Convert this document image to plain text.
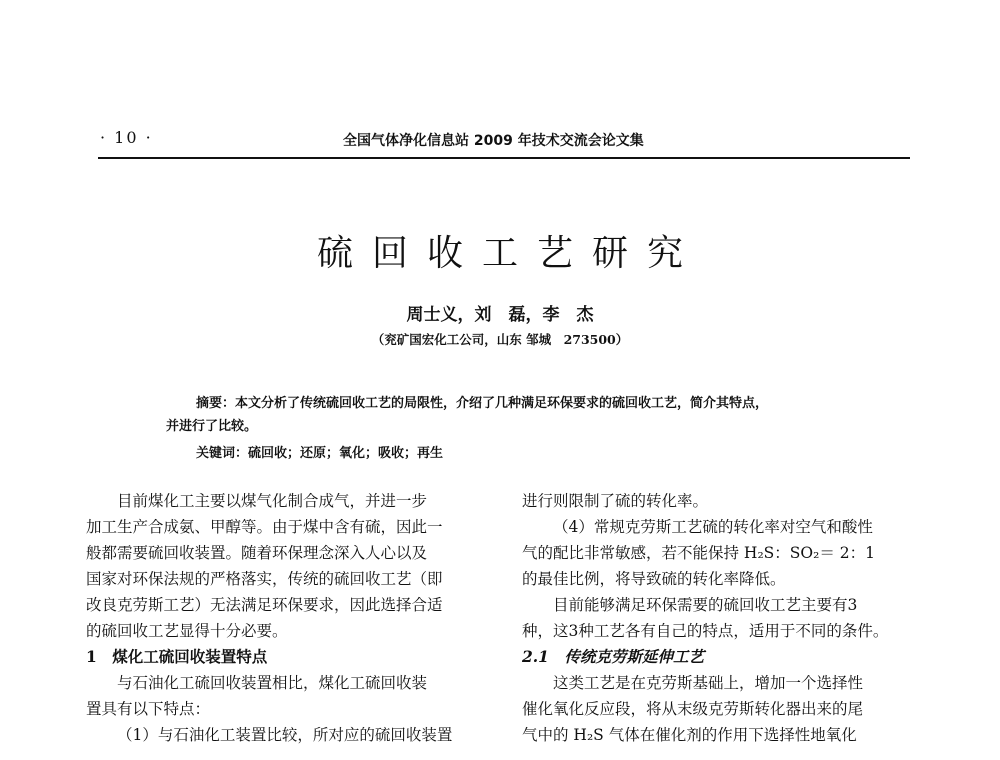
· 10 ·	全国气体净化信息站 2009 年技术交流会论文集
硫回收工艺研究
周士义，刘　磊，李　杰
（兖矿国宏化工公司，山东 邹城　273500）
摘要：本文分析了传统硫回收工艺的局限性，介绍了几种满足环保要求的硫回收工艺，简介其特点，
并进行了比较。
关键词：硫回收；还原；氧化；吸收；再生
目前煤化工主要以煤气化制合成气，并进一步
加工生产合成氨、甲醇等。由于煤中含有硫，因此一
般都需要硫回收装置。随着环保理念深入人心以及
国家对环保法规的严格落实，传统的硫回收工艺（即
改良克劳斯工艺）无法满足环保要求，因此选择合适
的硫回收工艺显得十分必要。
1　煤化工硫回收装置特点
与石油化工硫回收装置相比，煤化工硫回收装
置具有以下特点：
（1）与石油化工装置比较，所对应的硫回收装置
进行则限制了硫的转化率。
（4）常规克劳斯工艺硫的转化率对空气和酸性
气的配比非常敏感，若不能保持 H₂S：SO₂＝ 2：1
的最佳比例，将导致硫的转化率降低。
目前能够满足环保需要的硫回收工艺主要有3
种，这3种工艺各有自己的特点，适用于不同的条件。
2.1　传统克劳斯延伸工艺
这类工艺是在克劳斯基础上，增加一个选择性
催化氧化反应段，将从末级克劳斯转化器出来的尾
气中的 H₂S 气体在催化剂的作用下选择性地氧化
